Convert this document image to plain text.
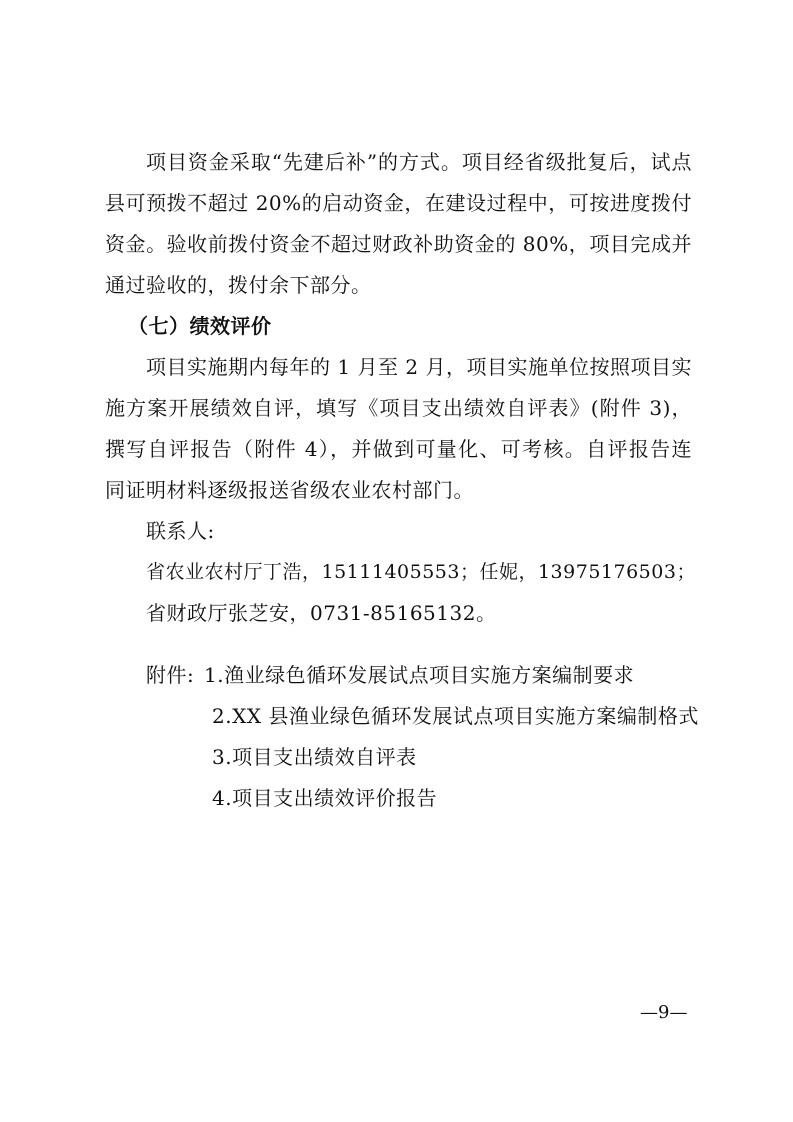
项目资金采取“先建后补”的方式。项目经省级批复后，试点
县可预拨不超过 20%的启动资金，在建设过程中，可按进度拨付
资金。验收前拨付资金不超过财政补助资金的 80%，项目完成并
通过验收的，拨付余下部分。
（七）绩效评价
项目实施期内每年的 1 月至 2 月，项目实施单位按照项目实
施方案开展绩效自评，填写《项目支出绩效自评表》(附件 3)，
撰写自评报告（附件 4），并做到可量化、可考核。自评报告连
同证明材料逐级报送省级农业农村部门。
联系人:
省农业农村厅丁浩，15111405553；任妮，13975176503；
省财政厅张芝安，0731-85165132。
附件: 1.渔业绿色循环发展试点项目实施方案编制要求
2.XX 县渔业绿色循环发展试点项目实施方案编制格式
3.项目支出绩效自评表
4.项目支出绩效评价报告
—9—
